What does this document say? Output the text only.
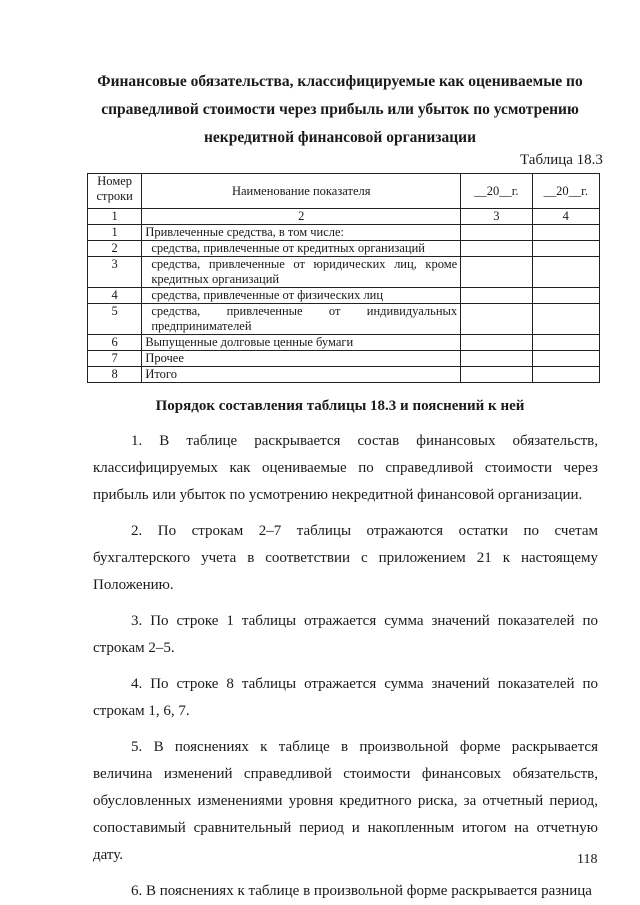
Финансовые обязательства, классифицируемые как оцениваемые по справедливой стоимости через прибыль или убыток по усмотрению некредитной финансовой организации
Таблица 18.3
Номер строки	Наименование показателя	__20__г.	__20__г.
1	2	3	4
1	Привлеченные средства, в том числе:		
2	средства, привлеченные от кредитных организаций		
3	средства, привлеченные от юридических лиц, кроме кредитных организаций		
4	средства, привлеченные от физических лиц		
5	средства, привлеченные от индивидуальных предпринимателей		
6	Выпущенные долговые ценные бумаги		
7	Прочее		
8	Итого		
Порядок составления таблицы 18.3 и пояснений к ней

1. В таблице раскрывается состав финансовых обязательств, классифицируемых как оцениваемые по справедливой стоимости через прибыль или убыток по усмотрению некредитной финансовой организации.

2. По строкам 2–7 таблицы отражаются остатки по счетам бухгалтерского учета в соответствии с приложением 21 к настоящему Положению.

3. По строке 1 таблицы отражается сумма значений показателей по строкам 2–5.

4. По строке 8 таблицы отражается сумма значений показателей по строкам 1, 6, 7.

5. В пояснениях к таблице в произвольной форме раскрывается величина изменений справедливой стоимости финансовых обязательств, обусловленных изменениями уровня кредитного риска, за отчетный период, сопоставимый сравнительный период и накопленным итогом на отчетную дату.

6. В пояснениях к таблице в произвольной форме раскрывается разница

118
